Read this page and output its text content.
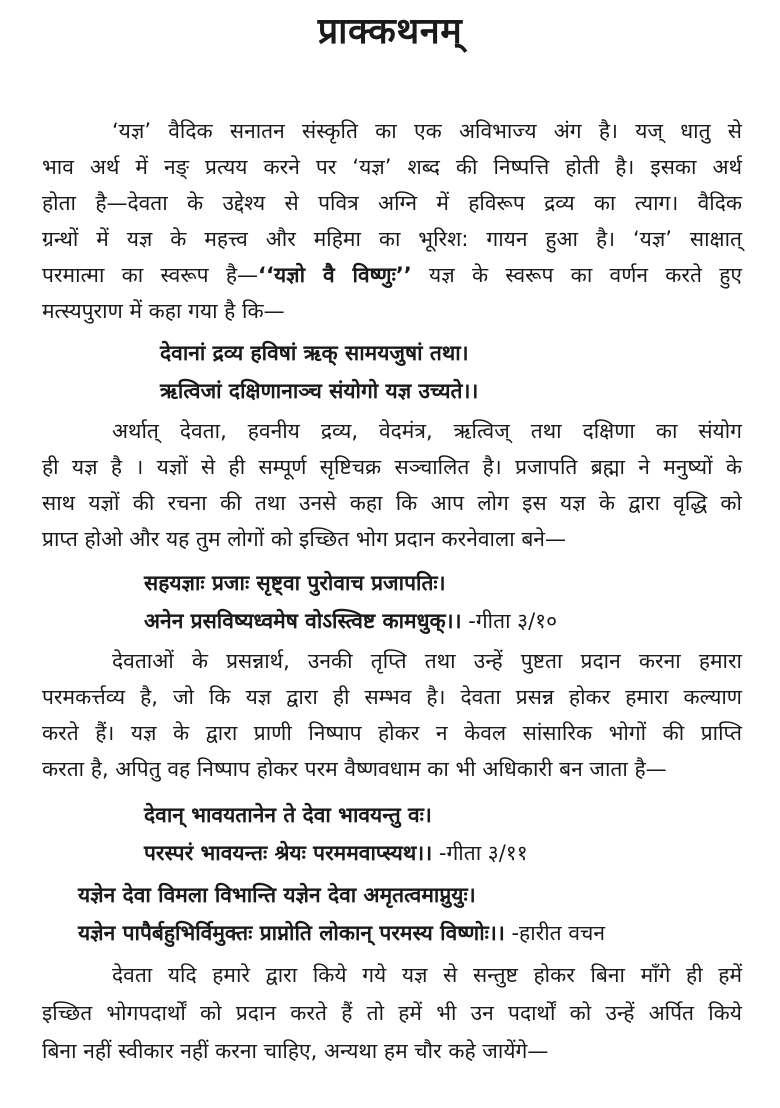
प्राक्कथनम्
‘यज्ञ’ वैदिक सनातन संस्कृति का एक अविभाज्य अंग है। यज् धातु से
भाव अर्थ में नङ् प्रत्यय करने पर ‘यज्ञ’ शब्द की निष्पत्ति होती है। इसका अर्थ
होता है—देवता के उद्देश्य से पवित्र अग्नि में हविरूप द्रव्य का त्याग। वैदिक
ग्रन्थों में यज्ञ के महत्त्व और महिमा का भूरिश: गायन हुआ है। ‘यज्ञ’ साक्षात्
परमात्मा का स्वरूप है—‘‘यज्ञो वै विष्णुः’’ यज्ञ के स्वरूप का वर्णन करते हुए
मत्स्यपुराण में कहा गया है कि—
देवानां द्रव्य हविषां ऋक् सामयजुषां तथा।
ऋत्विजां दक्षिणानाञ्च संयोगो यज्ञ उच्यते।।
अर्थात् देवता, हवनीय द्रव्य, वेदमंत्र, ऋत्विज् तथा दक्षिणा का संयोग
ही यज्ञ है । यज्ञों से ही सम्पूर्ण सृष्टिचक्र सञ्चालित है। प्रजापति ब्रह्मा ने मनुष्यों के
साथ यज्ञों की रचना की तथा उनसे कहा कि आप लोग इस यज्ञ के द्वारा वृद्धि को
प्राप्त होओ और यह तुम लोगों को इच्छित भोग प्रदान करनेवाला बने—
सहयज्ञाः प्रजाः सृष्ट्वा पुरोवाच प्रजापतिः।
अनेन प्रसविष्यध्वमेष वोऽस्त्विष्ट कामधुक्।। -गीता ३/१०
देवताओं के प्रसन्नार्थ, उनकी तृप्ति तथा उन्हें पुष्टता प्रदान करना हमारा
परमकर्त्तव्य है, जो कि यज्ञ द्वारा ही सम्भव है। देवता प्रसन्न होकर हमारा कल्याण
करते हैं। यज्ञ के द्वारा प्राणी निष्पाप होकर न केवल सांसारिक भोगों की प्राप्ति
करता है, अपितु वह निष्पाप होकर परम वैष्णवधाम का भी अधिकारी बन जाता है—
देवान् भावयतानेन ते देवा भावयन्तु वः।
परस्परं भावयन्तः श्रेयः परममवाप्स्यथ।। -गीता ३/११
यज्ञेन देवा विमला विभान्ति यज्ञेन देवा अमृतत्वमाप्नुयुः।
यज्ञेन पापैर्बहुभिर्विमुक्तः प्राप्नोति लोकान् परमस्य विष्णोः।। -हारीत वचन
देवता यदि हमारे द्वारा किये गये यज्ञ से सन्तुष्ट होकर बिना माँगे ही हमें
इच्छित भोगपदार्थों को प्रदान करते हैं तो हमें भी उन पदार्थों को उन्हें अर्पित किये
बिना नहीं स्वीकार नहीं करना चाहिए, अन्यथा हम चौर कहे जायेंगे—
